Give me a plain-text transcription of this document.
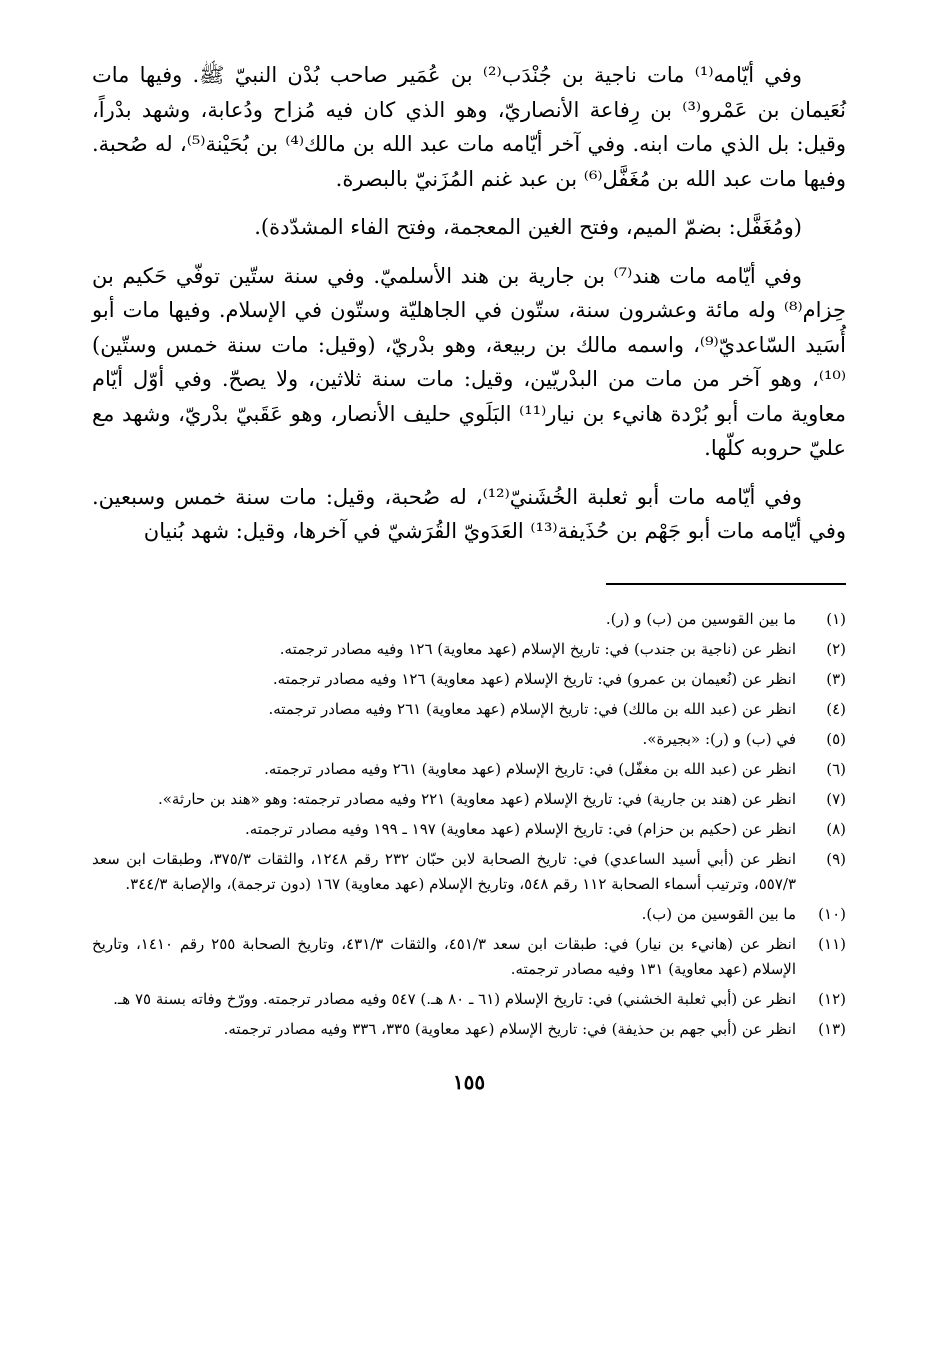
وفي أيّامه⁽¹⁾ مات ناجية بن جُنْدَب⁽²⁾ بن عُمَير صاحب بُدْن النبيّ ﷺ. وفيها مات نُعَيمان بن عَمْرو⁽³⁾ بن رِفاعة الأنصاريّ، وهو الذي كان فيه مُزاح ودُعابة، وشهد بدْراً، وقيل: بل الذي مات ابنه. وفي آخر أيّامه مات عبد الله بن مالك⁽⁴⁾ بن بُحَيْنة⁽⁵⁾، له صُحبة. وفيها مات عبد الله بن مُغَفَّل⁽⁶⁾ بن عبد غنم المُزَنيّ بالبصرة.

(ومُغَفَّل: بضمّ الميم، وفتح الغين المعجمة، وفتح الفاء المشدّدة).

وفي أيّامه مات هند⁽⁷⁾ بن جارية بن هند الأسلميّ. وفي سنة ستّين توفّي حَكيم بن حِزام⁽⁸⁾ وله مائة وعشرون سنة، ستّون في الجاهليّة وستّون في الإسلام. وفيها مات أبو أُسَيد السّاعديّ⁽⁹⁾، واسمه مالك بن ربيعة، وهو بدْريّ، (وقيل: مات سنة خمس وستّين)⁽¹⁰⁾، وهو آخر من مات من البدْريّين، وقيل: مات سنة ثلاثين، ولا يصحّ. وفي أوّل أيّام معاوية مات أبو بُرْدة هانيء بن نيار⁽¹¹⁾ البَلَوي حليف الأنصار، وهو عَقَبيّ بدْريّ، وشهد مع عليّ حروبه كلّها.

وفي أيّامه مات أبو ثعلبة الخُشَنيّ⁽¹²⁾، له صُحبة، وقيل: مات سنة خمس وسبعين. وفي أيّامه مات أبو جَهْم بن حُذَيفة⁽¹³⁾ العَدَويّ القُرَشيّ في آخرها، وقيل: شهد بُنيان

(١)
ما بين القوسين من (ب) و (ر).
(٢)
انظر عن (ناجية بن جندب) في: تاريخ الإسلام (عهد معاوية) ١٢٦ وفيه مصادر ترجمته.
(٣)
انظر عن (نُعيمان بن عمرو) في: تاريخ الإسلام (عهد معاوية) ١٢٦ وفيه مصادر ترجمته.
(٤)
انظر عن (عبد الله بن مالك) في: تاريخ الإسلام (عهد معاوية) ٢٦١ وفيه مصادر ترجمته.
(٥)
في (ب) و (ر): «بجيرة».
(٦)
انظر عن (عبد الله بن مغفّل) في: تاريخ الإسلام (عهد معاوية) ٢٦١ وفيه مصادر ترجمته.
(٧)
انظر عن (هند بن جارية) في: تاريخ الإسلام (عهد معاوية) ٢٢١ وفيه مصادر ترجمته: وهو «هند بن حارثة».
(٨)
انظر عن (حكيم بن حزام) في: تاريخ الإسلام (عهد معاوية) ١٩٧ ـ ١٩٩ وفيه مصادر ترجمته.
(٩)
انظر عن (أبي أسيد الساعدي) في: تاريخ الصحابة لابن حبّان ٢٣٢ رقم ١٢٤٨، والثقات ٣٧٥/٣، وطبقات ابن سعد ٥٥٧/٣، وترتيب أسماء الصحابة ١١٢ رقم ٥٤٨، وتاريخ الإسلام (عهد معاوية) ١٦٧ (دون ترجمة)، والإصابة ٣٤٤/٣.
(١٠)
ما بين القوسين من (ب).
(١١)
انظر عن (هانيء بن نيار) في: طبقات ابن سعد ٤٥١/٣، والثقات ٤٣١/٣، وتاريخ الصحابة ٢٥٥ رقم ١٤١٠، وتاريخ الإسلام (عهد معاوية) ١٣١ وفيه مصادر ترجمته.
(١٢)
انظر عن (أبي ثعلبة الخشني) في: تاريخ الإسلام (٦١ ـ ٨٠ هـ.) ٥٤٧ وفيه مصادر ترجمته. وورّخ وفاته بسنة ٧٥ هـ.
(١٣)
انظر عن (أبي جهم بن حذيفة) في: تاريخ الإسلام (عهد معاوية) ٣٣٥، ٣٣٦ وفيه مصادر ترجمته.
١٥٥
